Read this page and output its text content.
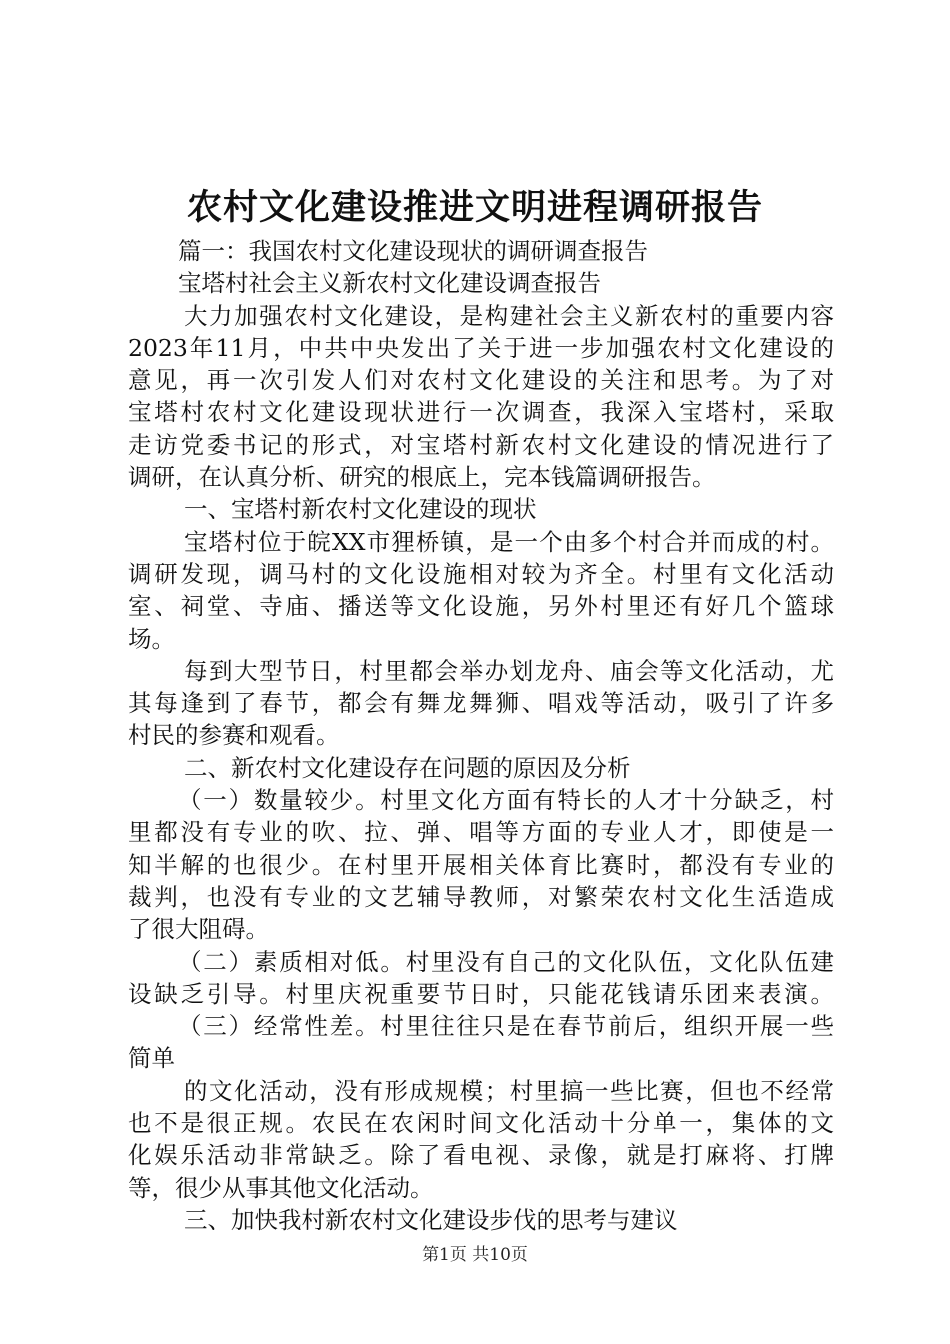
农村文化建设推进文明进程调研报告
篇一：我国农村文化建设现状的调研调查报告
宝塔村社会主义新农村文化建设调查报告
大力加强农村文化建设，是构建社会主义新农村的重要内容
2023年11月，中共中央发出了关于进一步加强农村文化建设的
意见，再一次引发人们对农村文化建设的关注和思考。为了对
宝塔村农村文化建设现状进行一次调查，我深入宝塔村，采取
走访党委书记的形式，对宝塔村新农村文化建设的情况进行了
调研，在认真分析、研究的根底上，完本钱篇调研报告。
一、宝塔村新农村文化建设的现状
宝塔村位于皖XX市狸桥镇，是一个由多个村合并而成的村。
调研发现，调马村的文化设施相对较为齐全。村里有文化活动
室、祠堂、寺庙、播送等文化设施，另外村里还有好几个篮球
场。
每到大型节日，村里都会举办划龙舟、庙会等文化活动，尤
其每逢到了春节，都会有舞龙舞狮、唱戏等活动，吸引了许多
村民的参赛和观看。
二、新农村文化建设存在问题的原因及分析
（一）数量较少。村里文化方面有特长的人才十分缺乏，村
里都没有专业的吹、拉、弹、唱等方面的专业人才，即使是一
知半解的也很少。在村里开展相关体育比赛时，都没有专业的
裁判，也没有专业的文艺辅导教师，对繁荣农村文化生活造成
了很大阻碍。
（二）素质相对低。村里没有自己的文化队伍，文化队伍建
设缺乏引导。村里庆祝重要节日时，只能花钱请乐团来表演。
（三）经常性差。村里往往只是在春节前后，组织开展一些
简单
的文化活动，没有形成规模；村里搞一些比赛，但也不经常
也不是很正规。农民在农闲时间文化活动十分单一，集体的文
化娱乐活动非常缺乏。除了看电视、录像，就是打麻将、打牌
等，很少从事其他文化活动。
三、加快我村新农村文化建设步伐的思考与建议
第1页 共10页
